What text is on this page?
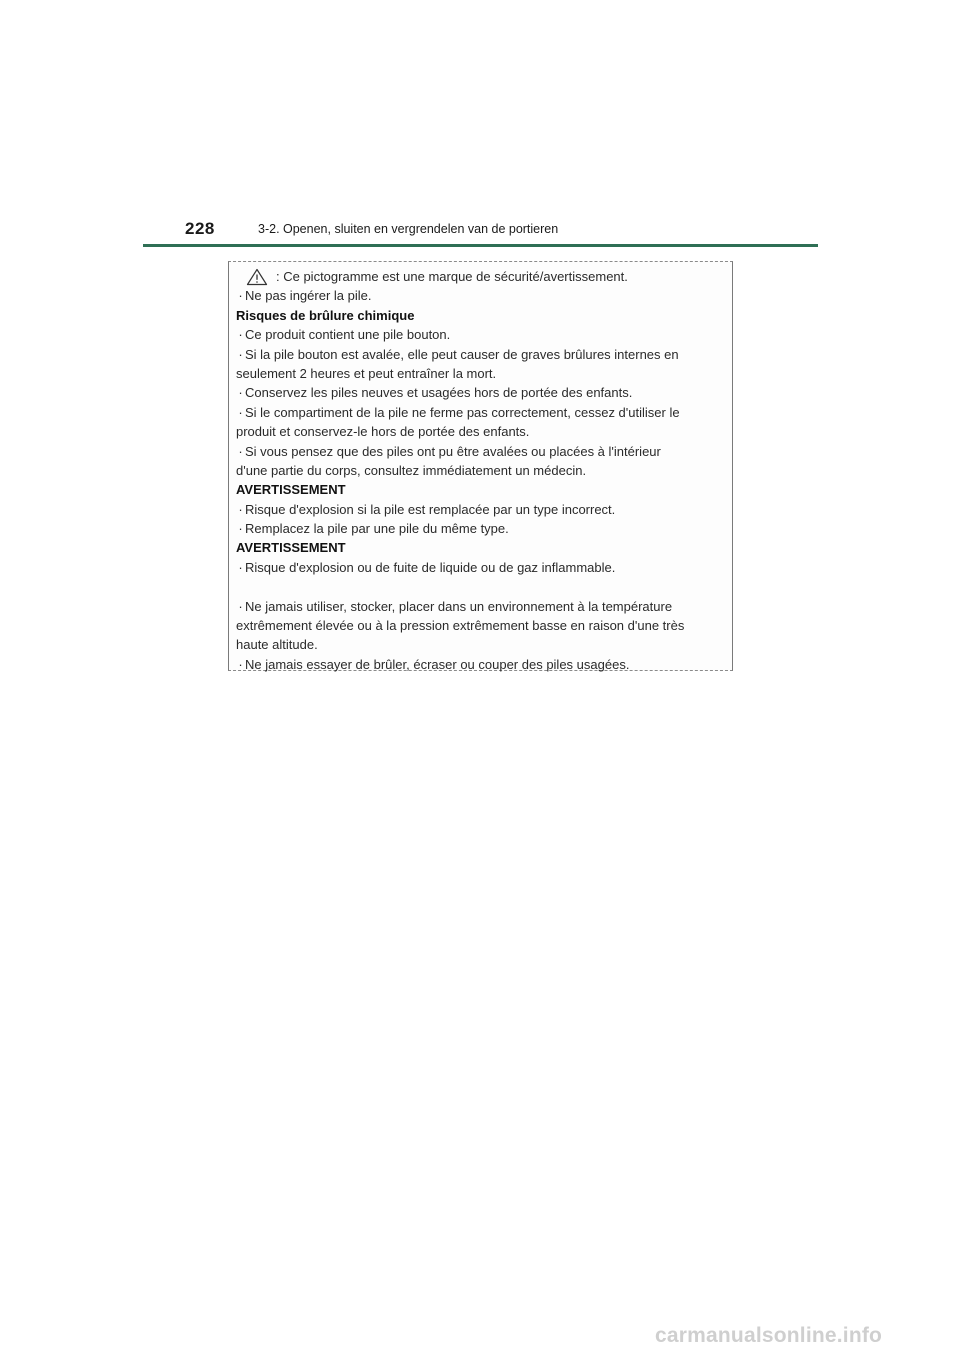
228	3-2. Openen, sluiten en vergrendelen van de portieren
: Ce pictogramme est une marque de sécurité/avertissement.
· Ne pas ingérer la pile.
Risques de brûlure chimique
· Ce produit contient une pile bouton.
· Si la pile bouton est avalée, elle peut causer de graves brûlures internes en
seulement 2 heures et peut entraîner la mort.
· Conservez les piles neuves et usagées hors de portée des enfants.
· Si le compartiment de la pile ne ferme pas correctement, cessez d'utiliser le
produit et conservez-le hors de portée des enfants.
· Si vous pensez que des piles ont pu être avalées ou placées à l'intérieur
d'une partie du corps, consultez immédiatement un médecin.
AVERTISSEMENT
· Risque d'explosion si la pile est remplacée par un type incorrect.
· Remplacez la pile par une pile du même type.
AVERTISSEMENT
· Risque d'explosion ou de fuite de liquide ou de gaz inflammable.
· Ne jamais utiliser, stocker, placer dans un environnement à la température
extrêmement élevée ou à la pression extrêmement basse en raison d'une très
haute altitude.
· Ne jamais essayer de brûler, écraser ou couper des piles usagées.
carmanualsonline.info
